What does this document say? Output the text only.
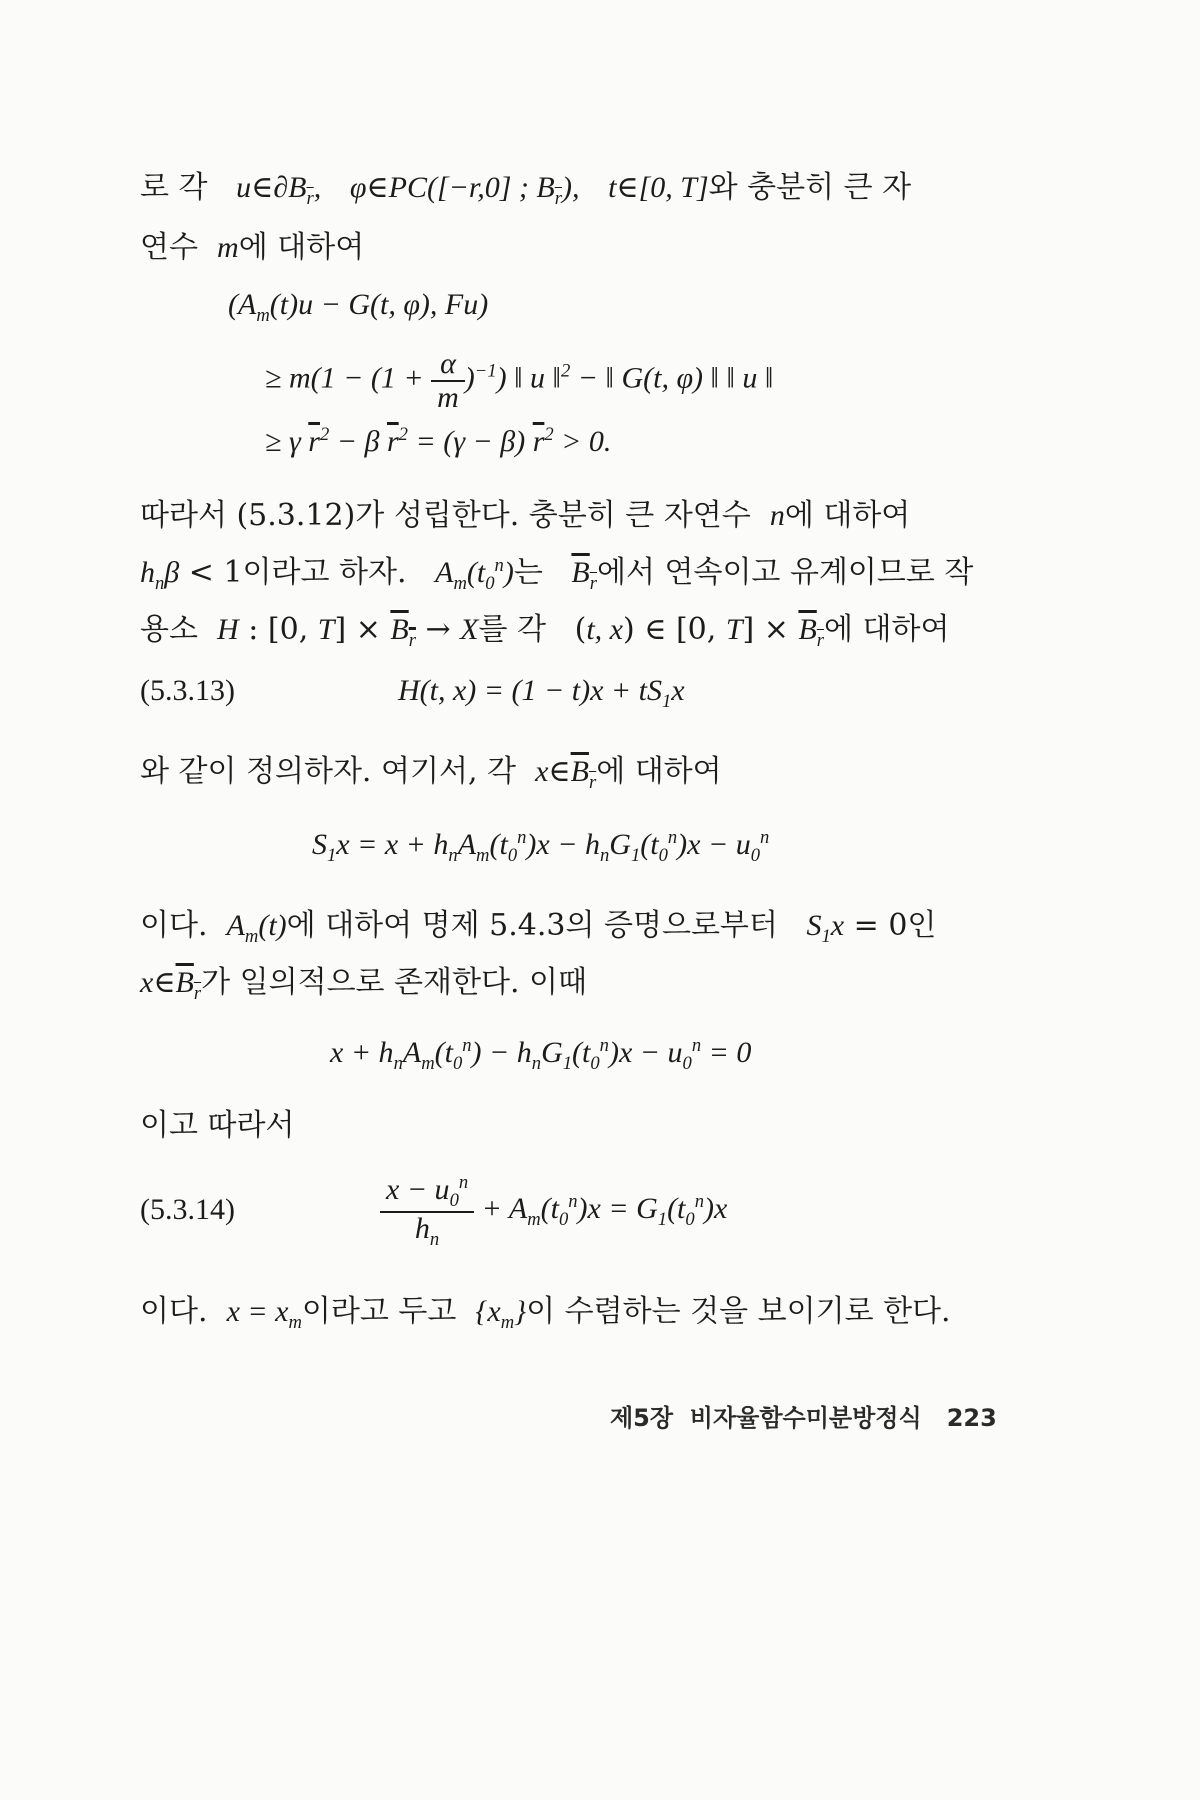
로 각 $u\in\partial B_{\overline{r}}$, φ∈PC([−r,0] ; $B_{\overline{r}}$), t∈[0, T]와 충분히 큰 자
연수 m에 대하여
($A_m(t)u - G(t$, φ), Fu)
≥ $m(1 - (1 + \frac{\alpha}{m} )^{-1})$ ‖ u ‖$^2$ − ‖ G(t, φ) ‖ ‖ u ‖
≥ γ $\overline{r}^2 - \beta$ $\overline{r}^2 = (\gamma - \beta) \overline{r}^2 > 0$.
따라서 (5.3.12)가 성립한다. 충분히 큰 자연수 n에 대하여
$h_n\beta < 1$이라고 하자. $A_m(t_0^n)$는 $\overline{B}_{\overline{r}}$에서 연속이고 유계이므로 작
용소 H : [0, $T] \times B_r \to X$를 각   (t, x) ∈ [0, $T] \times \overline{B}_{\overline{r}}$에 대하여
(5.3.13)	H(t, $x) = (1 - t)x + tS_1x$
와 같이 정의하자. 여기서, 각 $x\in\overline{B}_{\overline{r}}$에 대하여
$S_1x = x + h_nA_m(t_0^n)x - h_nG_1(t_0^n)x - u_0^n$
이다. $A_m(t)$에 대하여 명제 5.4.3의 증명으로부터 $S_1x = 0$인
$x\in\overline{B}_{\overline{r}}$가 일의적으로 존재한다. 이때
$x + h_nA_m(t_0^n) - h_nG_1(t_0^n)x - u_0^n = 0$
이고 따라서
(5.3.14)	$\frac{x - u_0^n}{h_n} + A_m(t_0^n)x = G_1(t_0^n)x$
이다. $x = x_m$이라고 두고 $\{x_m\}$이 수렴하는 것을 보이기로 한다.
제5장 비자율함수미분방정식 223
